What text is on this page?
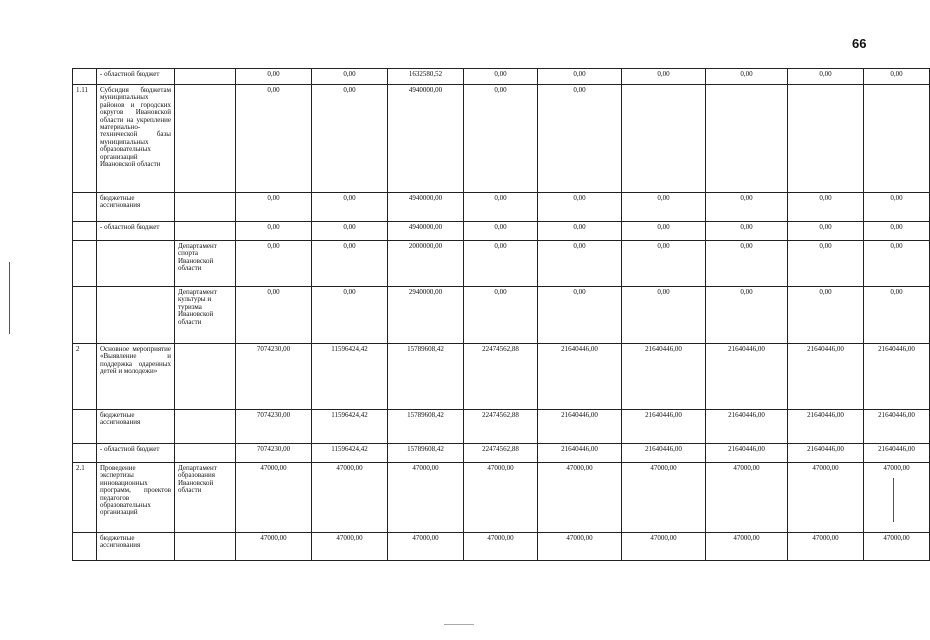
66
	- областной бюджет		0,00	0,00	1632580,52	0,00	0,00	0,00	0,00	0,00	0,00
1.11	Субсидия бюджетам муниципальных районов и городских округов Ивановской области на укрепление материально-технической базы муниципальных образовательных организаций Ивановской области		0,00	0,00	4940000,00	0,00	0,00				
	бюджетные ассигнования		0,00	0,00	4940000,00	0,00	0,00	0,00	0,00	0,00	0,00
	- областной бюджет		0,00	0,00	4940000,00	0,00	0,00	0,00	0,00	0,00	0,00
		Департамент спорта Ивановской области	0,00	0,00	2000000,00	0,00	0,00	0,00	0,00	0,00	0,00
		Департамент культуры и туризма Ивановской области	0,00	0,00	2940000,00	0,00	0,00	0,00	0,00	0,00	0,00
2	Основное мероприятие «Выявление и поддержка одаренных детей и молодежи»		7074230,00	11596424,42	15789608,42	22474562,88	21640446,00	21640446,00	21640446,00	21640446,00	21640446,00
	бюджетные ассигнования		7074230,00	11596424,42	15789608,42	22474562,88	21640446,00	21640446,00	21640446,00	21640446,00	21640446,00
	- областной бюджет		7074230,00	11596424,42	15789608,42	22474562,88	21640446,00	21640446,00	21640446,00	21640446,00	21640446,00
2.1	Проведение экспертизы инновационных программ, проектов педагогов образовательных организаций	Департамент образования Ивановской области	47000,00	47000,00	47000,00	47000,00	47000,00	47000,00	47000,00	47000,00	47000,00
	бюджетные ассигнования		47000,00	47000,00	47000,00	47000,00	47000,00	47000,00	47000,00	47000,00	47000,00
